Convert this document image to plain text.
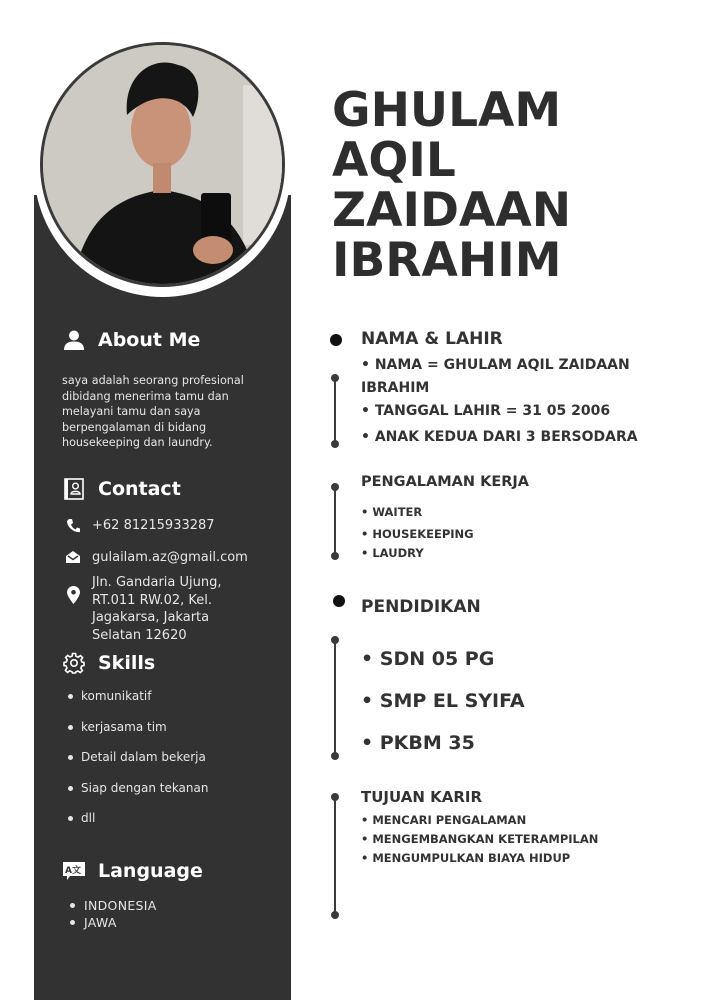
GHULAM AQIL
ZAIDAAN
IBRAHIM
About Me
saya adalah seorang profesional dibidang menerima tamu dan melayani tamu dan saya berpengalaman di bidang housekeeping dan laundry.
Contact
+62 81215933287
gulailam.az@gmail.com
Jln. Gandaria Ujung,
RT.011 RW.02, Kel.
Jagakarsa, Jakarta
Selatan 12620
Skills
komunikatif
kerjasama tim
Detail dalam bekerja
Siap dengan tekanan
dll
A文 Language
INDONESIA
JAWA
NAMA & LAHIR
• NAMA = GHULAM AQIL ZAIDAAN
IBRAHIM
• TANGGAL LAHIR = 31 05 2006
• ANAK KEDUA DARI 3 BERSODARA
PENGALAMAN KERJA
• WAITER
• HOUSEKEEPING
• LAUDRY
PENDIDIKAN
• SDN 05 PG
• SMP EL SYIFA
• PKBM 35
TUJUAN KARIR
• MENCARI PENGALAMAN
• MENGEMBANGKAN KETERAMPILAN
• MENGUMPULKAN BIAYA HIDUP
